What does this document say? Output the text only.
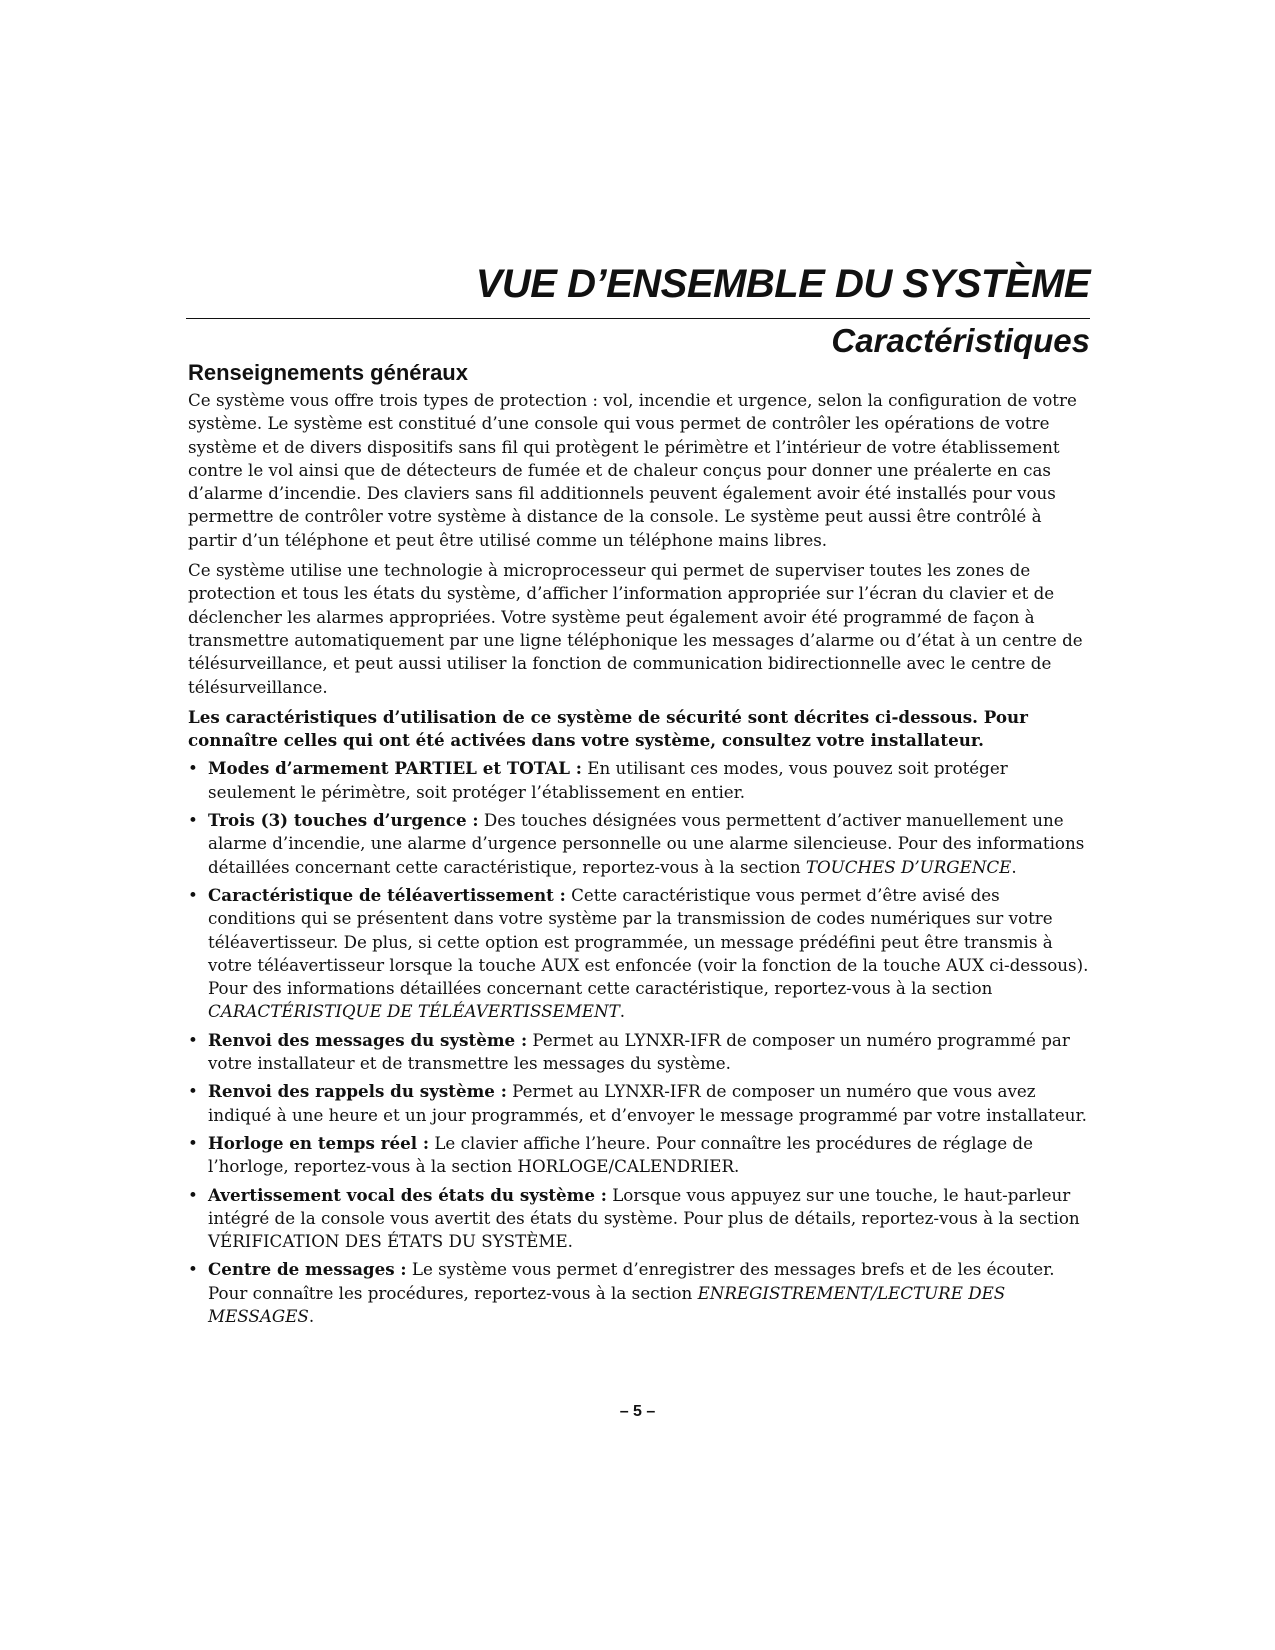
VUE D’ENSEMBLE DU SYSTÈME
Caractéristiques
Renseignements généraux

Ce système vous offre trois types de protection : vol, incendie et urgence, selon la configuration de votre système. Le système est constitué d’une console qui vous permet de contrôler les opérations de votre système et de divers dispositifs sans fil qui protègent le périmètre et l’intérieur de votre établissement contre le vol ainsi que de détecteurs de fumée et de chaleur conçus pour donner une préalerte en cas d’alarme d’incendie. Des claviers sans fil additionnels peuvent également avoir été installés pour vous permettre de contrôler votre système à distance de la console. Le système peut aussi être contrôlé à partir d’un téléphone et peut être utilisé comme un téléphone mains libres.

Ce système utilise une technologie à microprocesseur qui permet de superviser toutes les zones de protection et tous les états du système, d’afficher l’information appropriée sur l’écran du clavier et de déclencher les alarmes appropriées. Votre système peut également avoir été programmé de façon à transmettre automatiquement par une ligne téléphonique les messages d’alarme ou d’état à un centre de télésurveillance, et peut aussi utiliser la fonction de communication bidirectionnelle avec le centre de télésurveillance.

Les caractéristiques d’utilisation de ce système de sécurité sont décrites ci-dessous. Pour connaître celles qui ont été activées dans votre système, consultez votre installateur.

• Modes d’armement PARTIEL et TOTAL : En utilisant ces modes, vous pouvez soit protéger seulement le périmètre, soit protéger l’établissement en entier.
• Trois (3) touches d’urgence : Des touches désignées vous permettent d’activer manuellement une alarme d’incendie, une alarme d’urgence personnelle ou une alarme silencieuse. Pour des informations détaillées concernant cette caractéristique, reportez-vous à la section TOUCHES D’URGENCE.
• Caractéristique de téléavertissement : Cette caractéristique vous permet d’être avisé des conditions qui se présentent dans votre système par la transmission de codes numériques sur votre téléavertisseur. De plus, si cette option est programmée, un message prédéfini peut être transmis à votre téléavertisseur lorsque la touche AUX est enfoncée (voir la fonction de la touche AUX ci-dessous). Pour des informations détaillées concernant cette caractéristique, reportez-vous à la section CARACTÉRISTIQUE DE TÉLÉAVERTISSEMENT.
• Renvoi des messages du système : Permet au LYNXR-IFR de composer un numéro programmé par votre installateur et de transmettre les messages du système.
• Renvoi des rappels du système : Permet au LYNXR-IFR de composer un numéro que vous avez indiqué à une heure et un jour programmés, et d’envoyer le message programmé par votre installateur.
• Horloge en temps réel : Le clavier affiche l’heure. Pour connaître les procédures de réglage de l’horloge, reportez-vous à la section HORLOGE/CALENDRIER.
• Avertissement vocal des états du système : Lorsque vous appuyez sur une touche, le haut-parleur intégré de la console vous avertit des états du système. Pour plus de détails, reportez-vous à la section VÉRIFICATION DES ÉTATS DU SYSTÈME.
• Centre de messages : Le système vous permet d’enregistrer des messages brefs et de les écouter. Pour connaître les procédures, reportez-vous à la section ENREGISTREMENT/LECTURE DES MESSAGES.
– 5 –
